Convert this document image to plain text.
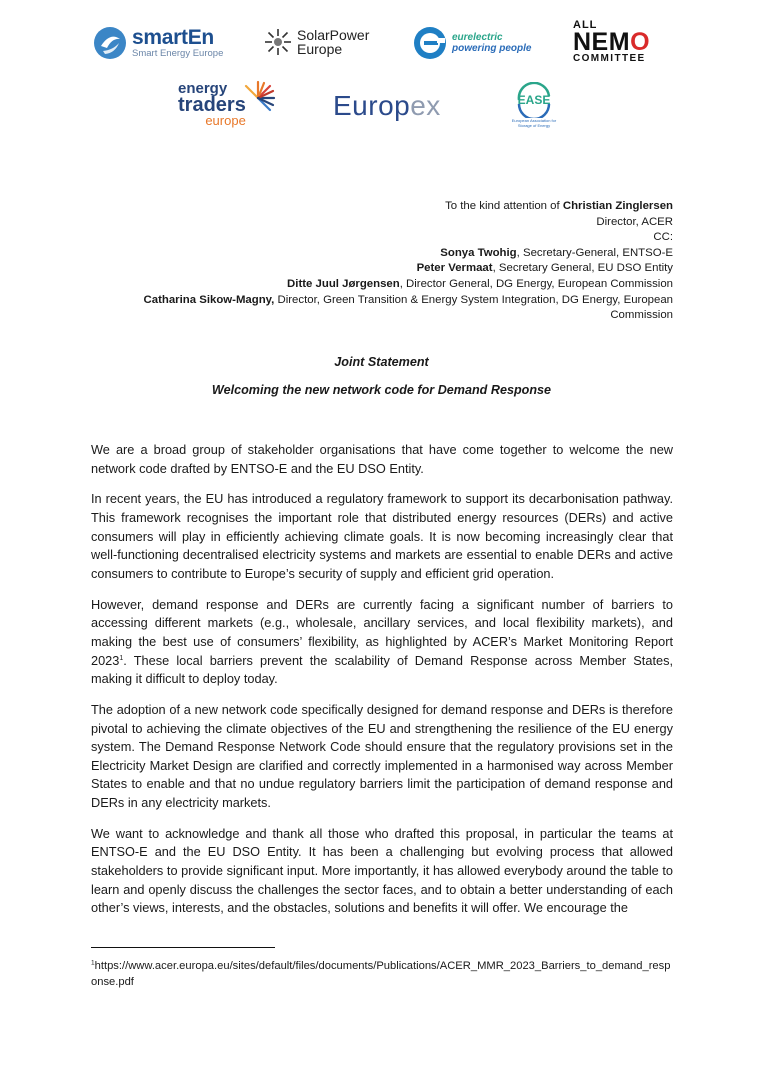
smartEn
Smart Energy Europe
SolarPower
Europe
eurelectric
powering people
ALL
NEMO
COMMITTEE
energy
traders
europe	Europ ex	EASE
European Association for Storage of Energy
To the kind attention of Christian Zinglersen
Director, ACER
CC:
Sonya Twohig, Secretary-General, ENTSO-E
Peter Vermaat, Secretary General, EU DSO Entity
Ditte Juul Jørgensen, Director General, DG Energy, European Commission
Catharina Sikow-Magny, Director, Green Transition & Energy System Integration, DG Energy, European Commission
Joint Statement
Welcoming the new network code for Demand Response

We are a broad group of stakeholder organisations that have come together to welcome the new network code drafted by ENTSO-E and the EU DSO Entity.

In recent years, the EU has introduced a regulatory framework to support its decarbonisation pathway. This framework recognises the important role that distributed energy resources (DERs) and active consumers will play in efficiently achieving climate goals. It is now becoming increasingly clear that well-functioning decentralised electricity systems and markets are essential to enable DERs and active consumers to contribute to Europe’s security of supply and efficient grid operation.

However, demand response and DERs are currently facing a significant number of barriers to accessing different markets (e.g., wholesale, ancillary services, and local flexibility markets), and making the best use of consumers’ flexibility, as highlighted by ACER’s Market Monitoring Report 2023$^1$. These local barriers prevent the scalability of Demand Response across Member States, making it difficult to deploy today.

The adoption of a new network code specifically designed for demand response and DERs is therefore pivotal to achieving the climate objectives of the EU and strengthening the resilience of the EU energy system. The Demand Response Network Code should ensure that the regulatory provisions set in the Electricity Market Design are clarified and correctly implemented in a harmonised way across Member States to enable and that no undue regulatory barriers limit the participation of demand response and DERs in any electricity markets.

We want to acknowledge and thank all those who drafted this proposal, in particular the teams at ENTSO-E and the EU DSO Entity. It has been a challenging but evolving process that allowed stakeholders to provide significant input. More importantly, it has allowed everybody around the table to learn and openly discuss the challenges the sector faces, and to obtain a better understanding of each other’s views, interests, and the obstacles, solutions and benefits it will offer. We encourage the

$^1$https://www.acer.europa.eu/sites/default/files/documents/Publications/ACER_MMR_2023_Barriers_to_demand_response.pdf
